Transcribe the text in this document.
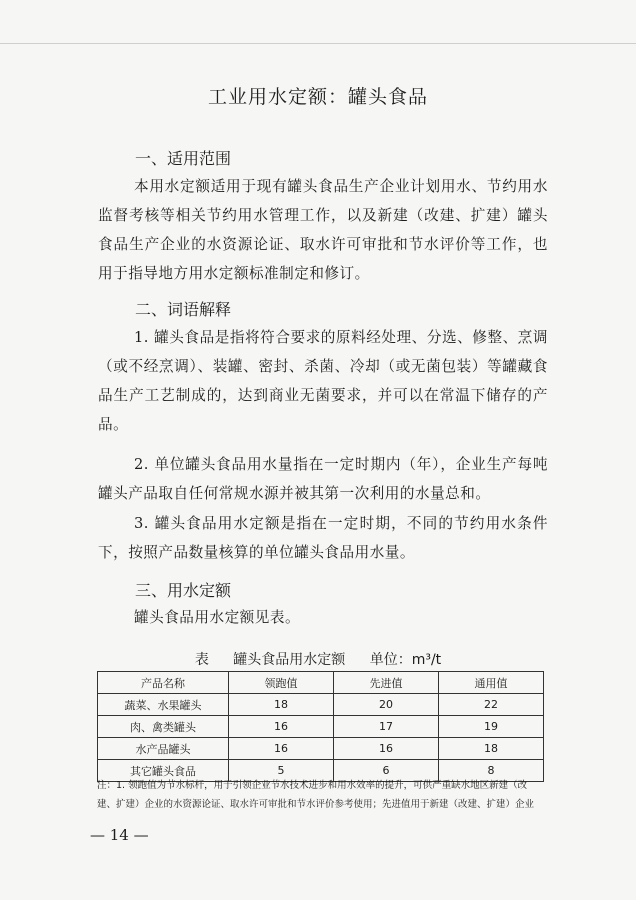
工业用水定额：罐头食品
一、适用范围
本用水定额适用于现有罐头食品生产企业计划用水、节约用水监督考核等相关节约用水管理工作，以及新建（改建、扩建）罐头食品生产企业的水资源论证、取水许可审批和节水评价等工作，也用于指导地方用水定额标准制定和修订。
二、词语解释
1. 罐头食品是指将符合要求的原料经处理、分选、修整、烹调（或不经烹调）、装罐、密封、杀菌、冷却（或无菌包装）等罐藏食品生产工艺制成的，达到商业无菌要求，并可以在常温下储存的产品。
2. 单位罐头食品用水量指在一定时期内（年），企业生产每吨罐头产品取自任何常规水源并被其第一次利用的水量总和。
3. 罐头食品用水定额是指在一定时期，不同的节约用水条件下，按照产品数量核算的单位罐头食品用水量。
三、用水定额
罐头食品用水定额见表。
表 罐头食品用水定额 单位：m³/t
产品名称	领跑值	先进值	通用值
蔬菜、水果罐头	18	20	22
肉、禽类罐头	16	17	19
水产品罐头	16	16	18
其它罐头食品	5	6	8
注：1. 领跑值为节水标杆，用于引领企业节水技术进步和用水效率的提升，可供严重缺水地区新建（改建、扩建）企业的水资源论证、取水许可审批和节水评价参考使用；先进值用于新建（改建、扩建）企业
— 14 —
